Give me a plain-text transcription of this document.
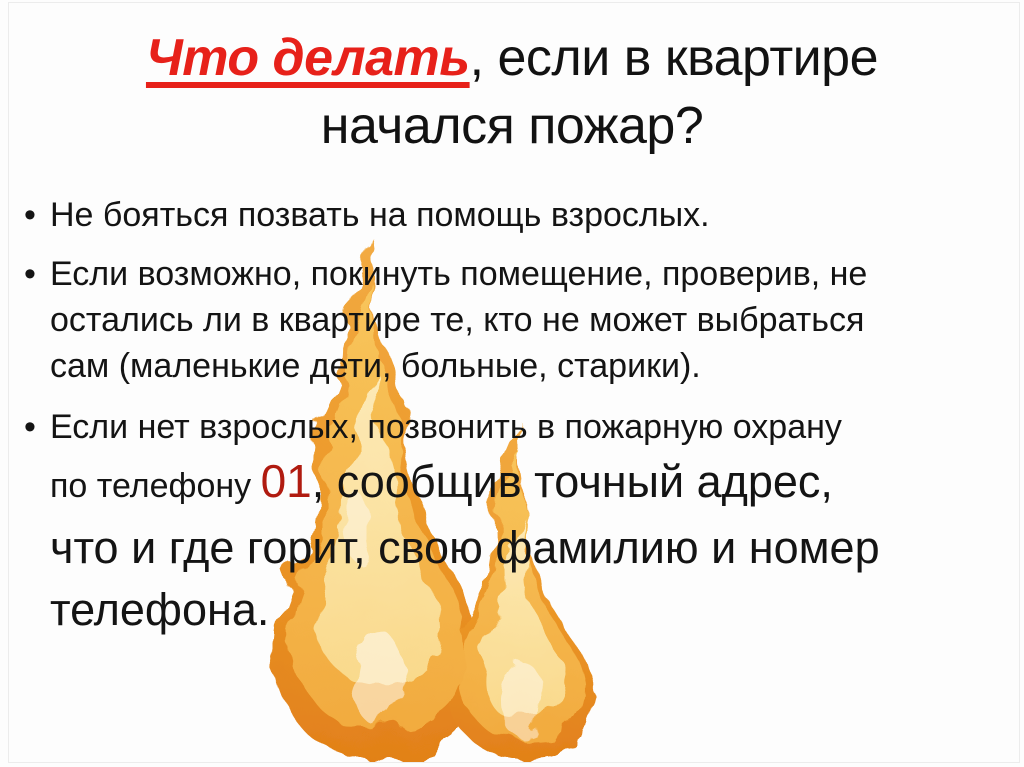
Что делать, если в квартире
начался пожар?
• Не бояться позвать на помощь взрослых.
• Если возможно, покинуть помещение, проверив, не
остались ли в квартире те, кто не может выбраться
сам (маленькие дети, больные, старики).
• Если нет взрослых, позвонить в пожарную охрану
по телефону 01, сообщив точный адрес,
что и где горит, свою фамилию и номер
телефона.
